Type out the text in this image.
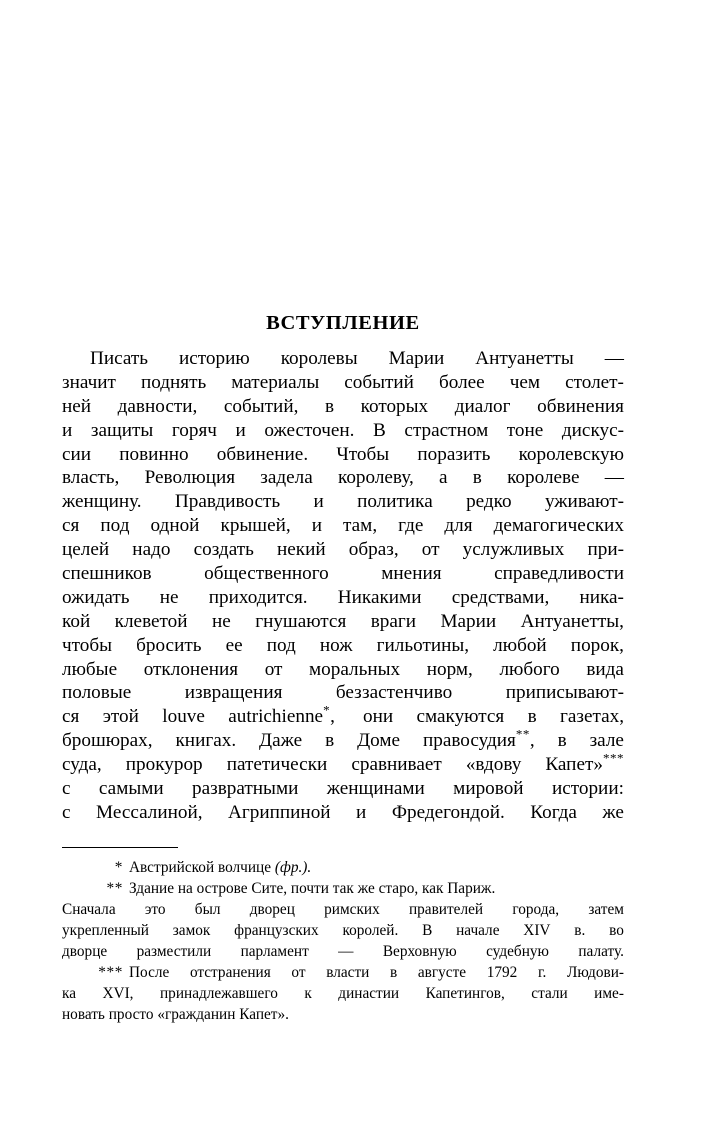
ВСТУПЛЕНИЕ
Писать историю королевы Марии Антуанетты —
значит поднять материалы событий более чем столет-
ней давности, событий, в которых диалог обвинения
и защиты горяч и ожесточен. В страстном тоне дискус-
сии повинно обвинение. Чтобы поразить королевскую
власть, Революция задела королеву, а в королеве —
женщину. Правдивость и политика редко уживают-
ся под одной крышей, и там, где для демагогических
целей надо создать некий образ, от услужливых при-
спешников	общественного	мнения	справедливости
ожидать не приходится. Никакими средствами, ника-
кой клеветой не гнушаются враги Марии Антуанетты,
чтобы бросить ее под нож гильотины, любой порок,
любые отклонения от моральных норм, любого вида
половые	извращения	беззастенчиво	приписывают-
ся этой louve autrichienne*, они смакуются в газетах,
брошюрах, книгах. Даже в Доме правосудия**, в зале
суда, прокурор патетически сравнивает «вдову Капет»***
с самыми развратными женщинами мировой истории:
с Мессалиной, Агриппиной и Фредегондой. Когда же
* Австрийской волчице (фр.).
** Здание на острове Сите, почти так же старо, как Париж.
Сначала это был дворец римских правителей города, затем
укрепленный замок французских королей. В начале XIV в. во
дворце разместили парламент — Верховную судебную палату.
*** После отстранения от власти в августе 1792 г. Людови-
ка XVI, принадлежавшего к династии Капетингов, стали име-
новать просто «гражданин Капет».
